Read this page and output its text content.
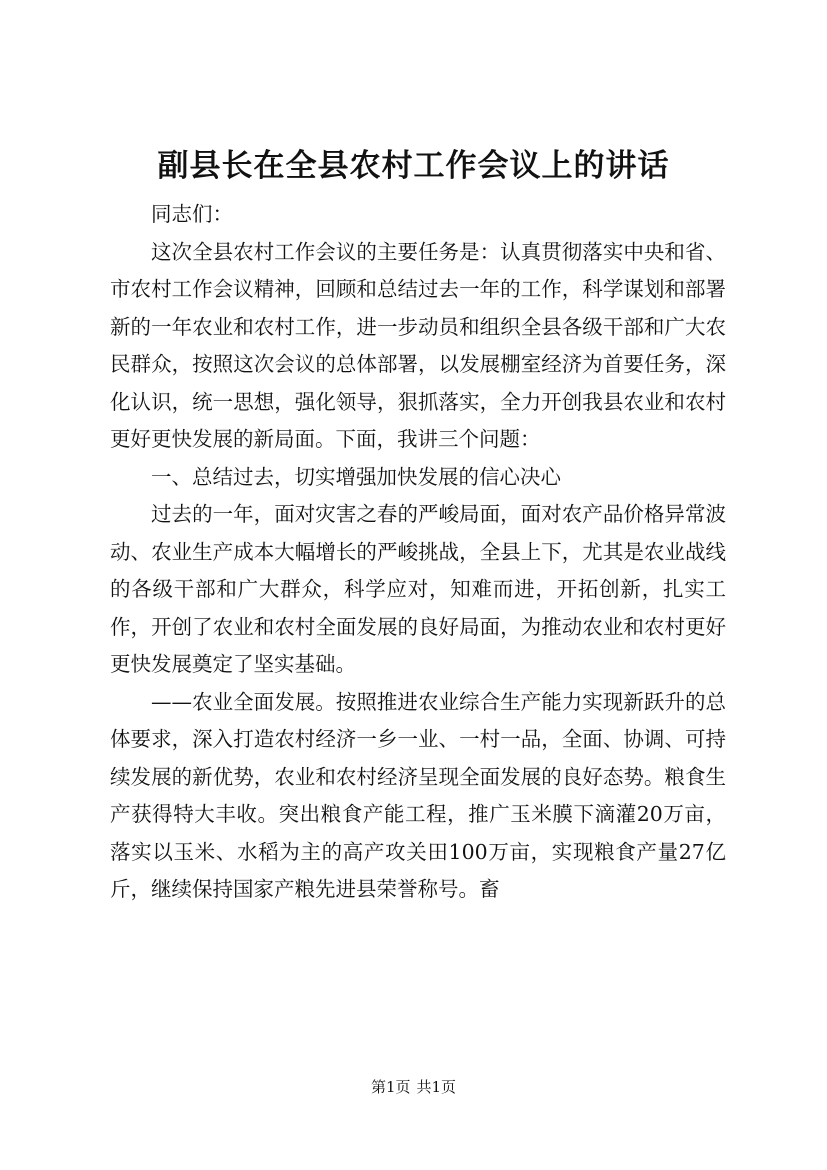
副县长在全县农村工作会议上的讲话

同志们：

这次全县农村工作会议的主要任务是：认真贯彻落实中央和省、市农村工作会议精神，回顾和总结过去一年的工作，科学谋划和部署新的一年农业和农村工作，进一步动员和组织全县各级干部和广大农民群众，按照这次会议的总体部署，以发展棚室经济为首要任务，深化认识，统一思想，强化领导，狠抓落实，全力开创我县农业和农村更好更快发展的新局面。下面，我讲三个问题：

一、总结过去，切实增强加快发展的信心决心

过去的一年，面对灾害之春的严峻局面，面对农产品价格异常波动、农业生产成本大幅增长的严峻挑战，全县上下，尤其是农业战线的各级干部和广大群众，科学应对，知难而进，开拓创新，扎实工作，开创了农业和农村全面发展的良好局面，为推动农业和农村更好更快发展奠定了坚实基础。

——农业全面发展。按照推进农业综合生产能力实现新跃升的总体要求，深入打造农村经济一乡一业、一村一品，全面、协调、可持续发展的新优势，农业和农村经济呈现全面发展的良好态势。粮食生产获得特大丰收。突出粮食产能工程，推广玉米膜下滴灌20万亩，落实以玉米、水稻为主的高产攻关田100万亩，实现粮食产量27亿斤，继续保持国家产粮先进县荣誉称号。畜

第1页 共1页
